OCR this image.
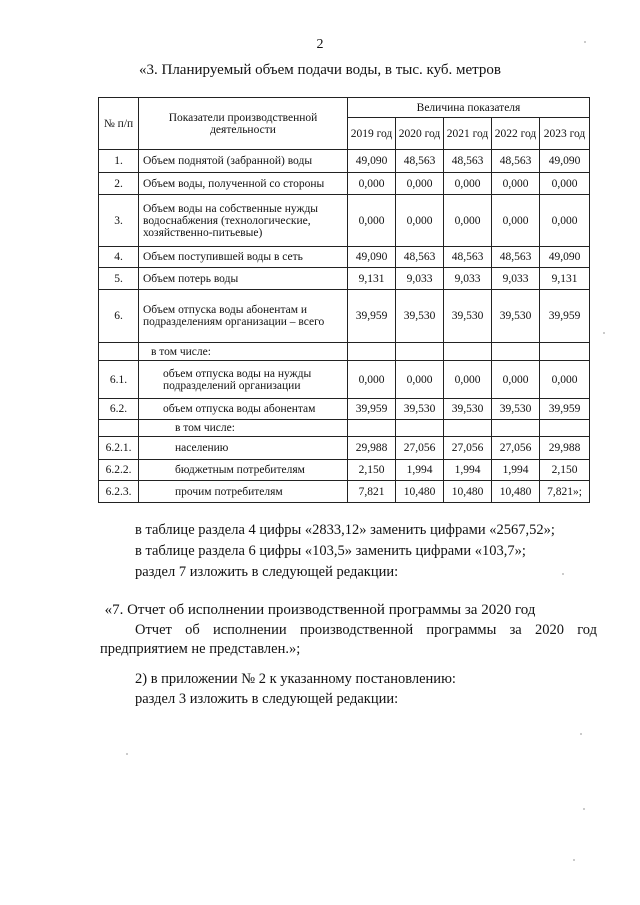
2
«3. Планируемый объем подачи воды, в тыс. куб. метров
№ п/п	Показатели производственной деятельности	Величина показателя				
		2019 год	2020 год	2021 год	2022 год	2023 год
1.	Объем поднятой (забранной) воды	49,090	48,563	48,563	48,563	49,090
2.	Объем воды, полученной со стороны	0,000	0,000	0,000	0,000	0,000
3.	Объем воды на собственные нужды водоснабжения (технологические, хозяйственно-питьевые)	0,000	0,000	0,000	0,000	0,000
4.	Объем поступившей воды в сеть	49,090	48,563	48,563	48,563	49,090
5.	Объем потерь воды	9,131	9,033	9,033	9,033	9,131
6.	Объем отпуска воды абонентам и подразделениям организации – всего	39,959	39,530	39,530	39,530	39,959
	в том числе:					
6.1.	объем отпуска воды на нужды подразделений организации	0,000	0,000	0,000	0,000	0,000
6.2.	объем отпуска воды абонентам	39,959	39,530	39,530	39,530	39,959
	в том числе:					
6.2.1.	населению	29,988	27,056	27,056	27,056	29,988
6.2.2.	бюджетным потребителям	2,150	1,994	1,994	1,994	2,150
6.2.3.	прочим потребителям	7,821	10,480	10,480	10,480	7,821»;
в таблице раздела 4 цифры «2833,12» заменить цифрами «2567,52»;
в таблице раздела 6 цифры «103,5» заменить цифрами «103,7»;
раздел 7 изложить в следующей редакции:
«7. Отчет об исполнении производственной программы за 2020 год
Отчет об исполнении производственной программы за 2020 год
предприятием не представлен.»;
2) в приложении № 2 к указанному постановлению:
раздел 3 изложить в следующей редакции:
